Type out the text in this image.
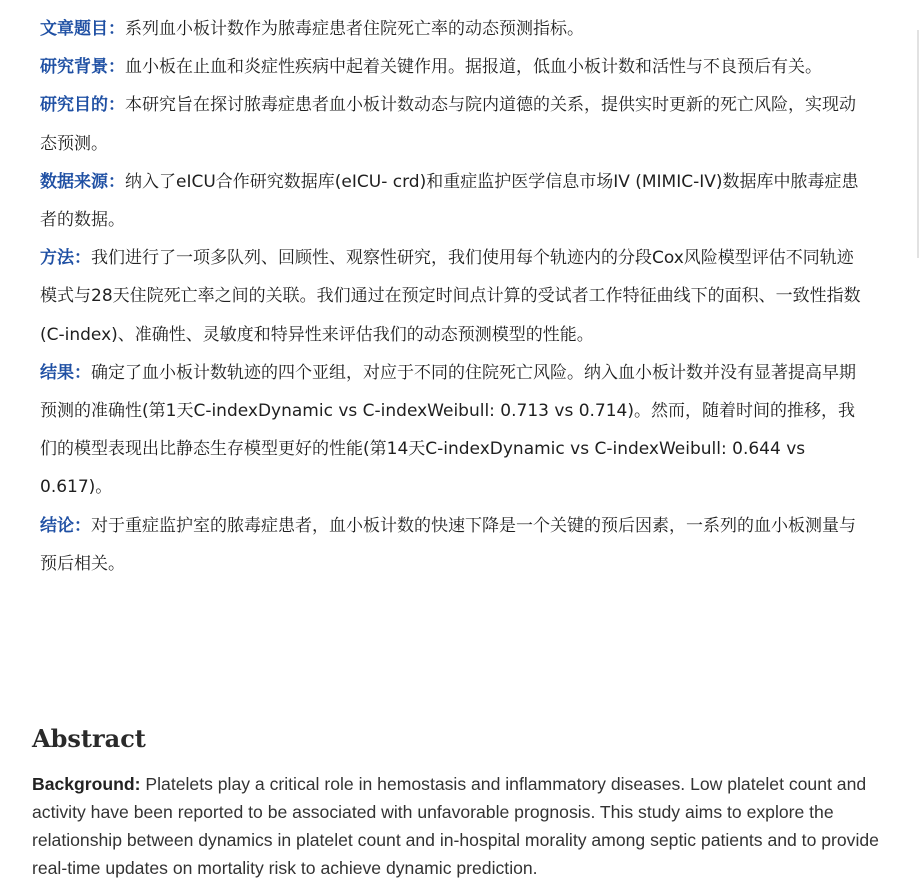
文章题目：系列血小板计数作为脓毒症患者住院死亡率的动态预测指标。

研究背景：血小板在止血和炎症性疾病中起着关键作用。据报道，低血小板计数和活性与不良预后有关。

研究目的：本研究旨在探讨脓毒症患者血小板计数动态与院内道德的关系，提供实时更新的死亡风险，实现动态预测。

数据来源：纳入了eICU合作研究数据库(eICU- crd)和重症监护医学信息市场IV (MIMIC-IV)数据库中脓毒症患者的数据。

方法：我们进行了一项多队列、回顾性、观察性研究，我们使用每个轨迹内的分段Cox风险模型评估不同轨迹模式与28天住院死亡率之间的关联。我们通过在预定时间点计算的受试者工作特征曲线下的面积、一致性指数(C-index)、准确性、灵敏度和特异性来评估我们的动态预测模型的性能。

结果：确定了血小板计数轨迹的四个亚组，对应于不同的住院死亡风险。纳入血小板计数并没有显著提高早期预测的准确性(第1天C-indexDynamic vs C-indexWeibull: 0.713 vs 0.714)。然而，随着时间的推移，我们的模型表现出比静态生存模型更好的性能(第14天C-indexDynamic vs C-indexWeibull: 0.644 vs 0.617)。

结论：对于重症监护室的脓毒症患者，血小板计数的快速下降是一个关键的预后因素，一系列的血小板测量与预后相关。

Abstract

Background: Platelets play a critical role in hemostasis and inflammatory diseases. Low platelet count and activity have been reported to be associated with unfavorable prognosis. This study aims to explore the relationship between dynamics in platelet count and in-hospital morality among septic patients and to provide real-time updates on mortality risk to achieve dynamic prediction.
